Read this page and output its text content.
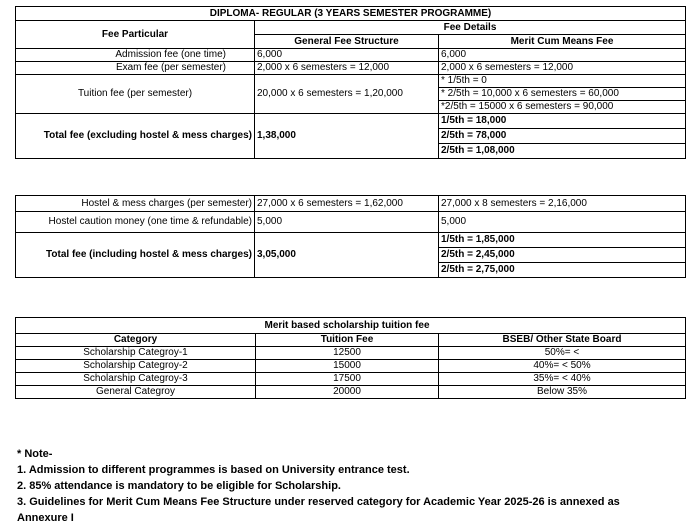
DIPLOMA- REGULAR (3 YEARS SEMESTER PROGRAMME)		
Fee Particular	Fee Details	
	General Fee Structure	Merit Cum Means Fee
Admission fee (one time)	6,000	6,000
Exam fee (per semester)	2,000 x 6 semesters = 12,000	2,000 x 6 semesters = 12,000
Tuition fee (per semester)	20,000 x 6 semesters = 1,20,000	* 1/5th = 0
		* 2/5th = 10,000 x 6 semesters = 60,000
		*2/5th = 15000 x 6 semesters = 90,000
Total fee (excluding hostel & mess charges)	1,38,000	1/5th = 18,000
		2/5th = 78,000
		2/5th = 1,08,000
Hostel & mess charges (per semester)	27,000 x 6 semesters = 1,62,000	27,000 x 8 semesters = 2,16,000
Hostel caution money (one time & refundable)	5,000	5,000
Total fee (including hostel & mess charges)	3,05,000	1/5th = 1,85,000
		2/5th = 2,45,000
		2/5th = 2,75,000
	Merit based scholarship tuition fee	
Category	Tuition Fee	BSEB/ Other State Board
Scholarship Categroy-1	12500	50%= <
Scholarship Categroy-2	15000	40%= < 50%
Scholarship Categroy-3	17500	35%= < 40%
General Categroy	20000	Below 35%
* Note-
1. Admission to different programmes is based on University entrance test.
2. 85% attendance is mandatory to be eligible for Scholarship.
3. Guidelines for Merit Cum Means Fee Structure under reserved category for Academic Year 2025-26 is annexed as
Annexure I
